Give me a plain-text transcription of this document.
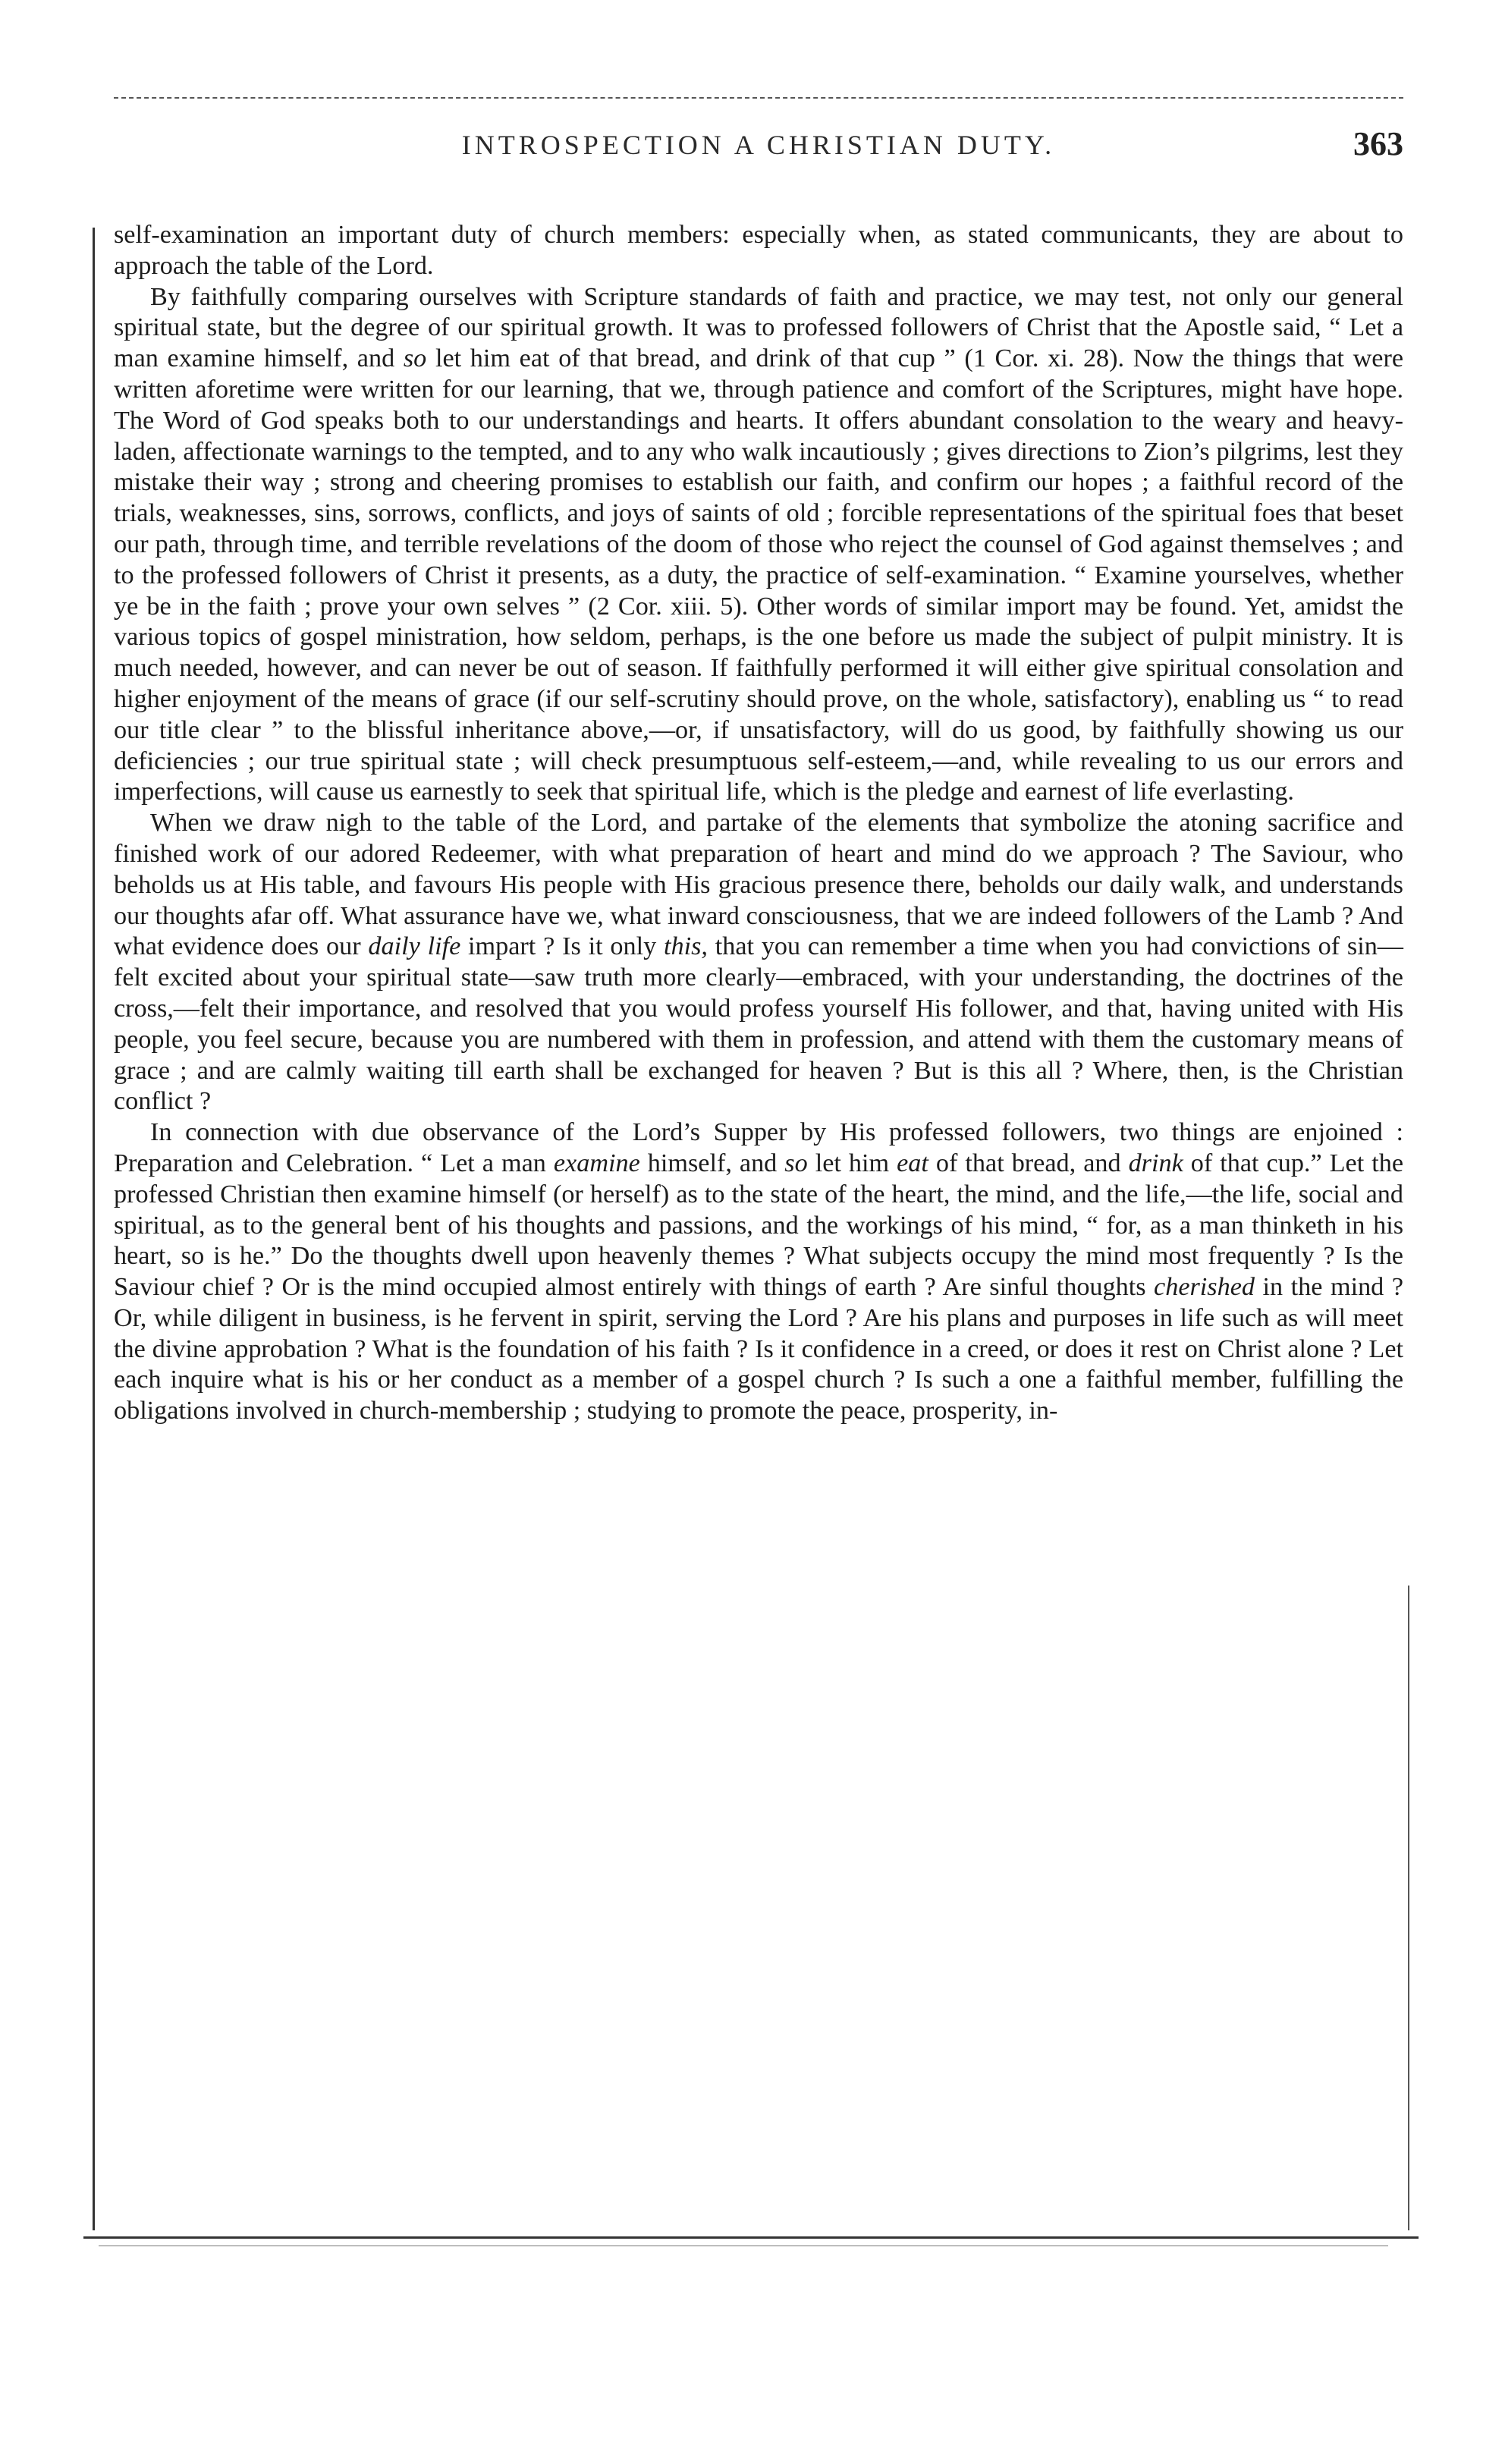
INTROSPECTION A CHRISTIAN DUTY.	363

self-examination an important duty of church members: especially when, as stated communicants, they are about to approach the table of the Lord.

By faithfully comparing ourselves with Scripture standards of faith and practice, we may test, not only our general spiritual state, but the degree of our spiritual growth. It was to professed followers of Christ that the Apostle said, “ Let a man examine himself, and so let him eat of that bread, and drink of that cup ” (1 Cor. xi. 28). Now the things that were written aforetime were written for our learning, that we, through patience and comfort of the Scriptures, might have hope. The Word of God speaks both to our understandings and hearts. It offers abundant consolation to the weary and heavy-laden, affectionate warnings to the tempted, and to any who walk incautiously ; gives directions to Zion’s pilgrims, lest they mistake their way ; strong and cheering promises to establish our faith, and confirm our hopes ; a faithful record of the trials, weaknesses, sins, sorrows, conflicts, and joys of saints of old ; forcible representations of the spiritual foes that beset our path, through time, and terrible revelations of the doom of those who reject the counsel of God against themselves ; and to the professed followers of Christ it presents, as a duty, the practice of self-examination. “ Examine yourselves, whether ye be in the faith ; prove your own selves ” (2 Cor. xiii. 5). Other words of similar import may be found. Yet, amidst the various topics of gospel ministration, how seldom, perhaps, is the one before us made the subject of pulpit ministry. It is much needed, however, and can never be out of season. If faithfully performed it will either give spiritual consolation and higher enjoyment of the means of grace (if our self-scrutiny should prove, on the whole, satisfactory), enabling us “ to read our title clear ” to the blissful inheritance above,—or, if unsatisfactory, will do us good, by faithfully showing us our deficiencies ; our true spiritual state ; will check presumptuous self-esteem,—and, while revealing to us our errors and imperfections, will cause us earnestly to seek that spiritual life, which is the pledge and earnest of life everlasting.

When we draw nigh to the table of the Lord, and partake of the elements that symbolize the atoning sacrifice and finished work of our adored Redeemer, with what preparation of heart and mind do we approach ? The Saviour, who beholds us at His table, and favours His people with His gracious presence there, beholds our daily walk, and understands our thoughts afar off. What assurance have we, what inward consciousness, that we are indeed followers of the Lamb ? And what evidence does our daily life impart ? Is it only this, that you can remember a time when you had convictions of sin—felt excited about your spiritual state—saw truth more clearly—embraced, with your understanding, the doctrines of the cross,—felt their importance, and resolved that you would profess yourself His follower, and that, having united with His people, you feel secure, because you are numbered with them in profession, and attend with them the customary means of grace ; and are calmly waiting till earth shall be exchanged for heaven ? But is this all ? Where, then, is the Christian conflict ?

In connection with due observance of the Lord’s Supper by His professed followers, two things are enjoined : Preparation and Celebration. “ Let a man examine himself, and so let him eat of that bread, and drink of that cup.” Let the professed Christian then examine himself (or herself) as to the state of the heart, the mind, and the life,—the life, social and spiritual, as to the general bent of his thoughts and passions, and the workings of his mind, “ for, as a man thinketh in his heart, so is he.” Do the thoughts dwell upon heavenly themes ? What subjects occupy the mind most frequently ? Is the Saviour chief ? Or is the mind occupied almost entirely with things of earth ? Are sinful thoughts cherished in the mind ? Or, while diligent in business, is he fervent in spirit, serving the Lord ? Are his plans and purposes in life such as will meet the divine approbation ? What is the foundation of his faith ? Is it confidence in a creed, or does it rest on Christ alone ? Let each inquire what is his or her conduct as a member of a gospel church ? Is such a one a faithful member, fulfilling the obligations involved in church-membership ; studying to promote the peace, prosperity, in-
